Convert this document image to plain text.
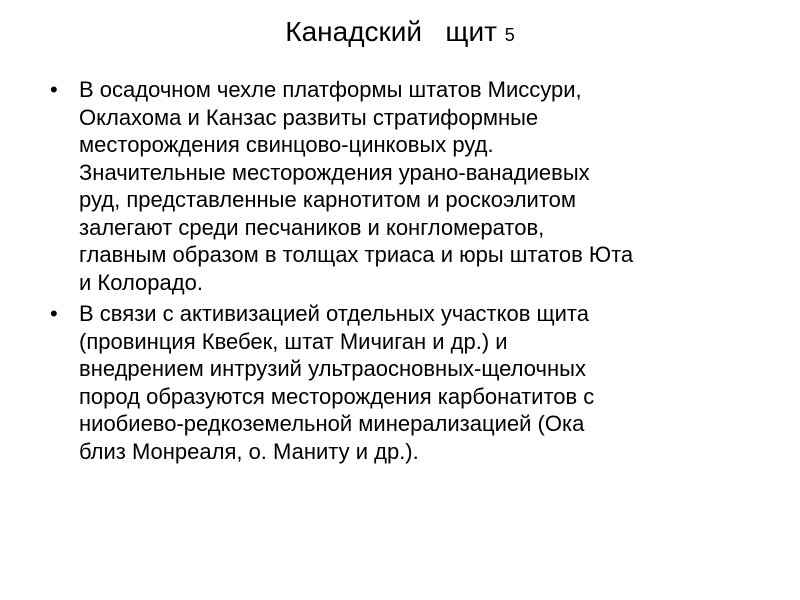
Канадский   щит 5
• В осадочном чехле платформы штатов Миссури,
Оклахома и Канзас развиты стратиформные
месторождения свинцово-цинковых руд.
Значительные месторождения урано-ванадиевых
руд, представленные карнотитом и роскоэлитом
залегают среди песчаников и конгломератов,
главным образом в толщах триаса и юры штатов Юта
и Колорадо.
• В связи с активизацией отдельных участков щита
(провинция Квебек, штат Мичиган и др.) и
внедрением интрузий ультраосновных-щелочных
пород образуются месторождения карбонатитов с
ниобиево-редкоземельной минерализацией (Ока
близ Монреаля, о. Маниту и др.).
